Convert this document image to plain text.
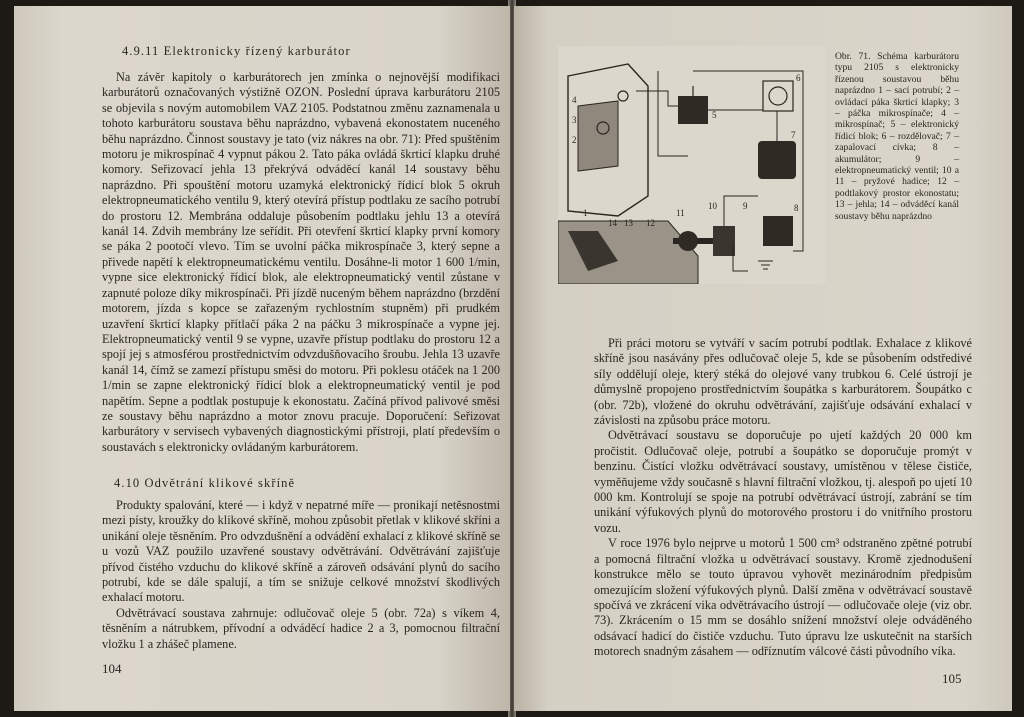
4.9.11 Elektronicky řízený karburátor

Na závěr kapitoly o karburátorech jen zmínka o nejnovější modifikaci karburátorů označovaných výstižně OZON. Poslední úprava karburátoru 2105 se objevila s novým automobilem VAZ 2105. Podstatnou změnu zaznamenala u tohoto karburátoru soustava běhu naprázdno, vybavená ekonostatem nuceného běhu naprázdno. Činnost soustavy je tato (viz nákres na obr. 71): Před spuštěním motoru je mikrospínač 4 vypnut pákou 2. Tato páka ovládá škrticí klapku druhé komory. Seřizovací jehla 13 překrývá odváděcí kanál 14 soustavy běhu naprázdno. Při spouštění motoru uzamyká elektronický řídicí blok 5 okruh elektropneumatického ventilu 9, který otevírá přístup podtlaku ze sacího potrubí do prostoru 12. Membrána oddaluje působením podtlaku jehlu 13 a otevírá kanál 14. Zdvih membrány lze seřídit. Při otevření škrticí klapky první komory se páka 2 pootočí vlevo. Tím se uvolní páčka mikrospínače 3, který sepne a přivede napětí k elektropneumatickému ventilu. Dosáhne-li motor 1 600 1/min, vypne sice elektronický řídicí blok, ale elektropneumatický ventil zůstane v zapnuté poloze díky mikrospínači. Při jízdě nuceným během naprázdno (brzdění motorem, jízda s kopce se zařazeným rychlostním stupněm) při prudkém uzavření škrticí klapky přítlačí páka 2 na páčku 3 mikrospínače a vypne jej. Elektropneumatický ventil 9 se vypne, uzavře přístup podtlaku do prostoru 12 a spojí jej s atmosférou prostřednictvím odvzdušňovacího šroubu. Jehla 13 uzavře kanál 14, čímž se zamezí přístupu směsi do motoru. Při poklesu otáček na 1 200 1/min se zapne elektronický řídicí blok a elektropneumatický ventil je pod napětím. Sepne a podtlak postupuje k ekonostatu. Začíná přívod palivové směsi ze soustavy běhu naprázdno a motor znovu pracuje. Doporučení: Seřizovat karburátory v servisech vybavených diagnostickými přístroji, platí především o soustavách s elektronicky ovládaným karburátorem.

4.10 Odvětrání klikové skříně

Produkty spalování, které — i když v nepatrné míře — pronikají netěsnostmi mezi písty, kroužky do klikové skříně, mohou způsobit přetlak v klikové skříni a unikání oleje těsněním. Pro odvzdušnění a odvádění exhalací z klikové skříně se u vozů VAZ použilo uzavřené soustavy odvětrávání. Odvětrávání zajišťuje přívod čistého vzduchu do klikové skříně a zároveň odsávání plynů do sacího potrubí, kde se dále spalují, a tím se snižuje celkové množství škodlivých exhalací motoru.

Odvětrávací soustava zahrnuje: odlučovač oleje 5 (obr. 72a) s víkem 4, těsněním a nátrubkem, přívodní a odváděcí hadice 2 a 3, pomocnou filtrační vložku 1 a zhášeč plamene.

104
4
3
2
5
6
7
8
9
10
11
12
13
14
1
Obr. 71. Schéma karburátoru typu 2105 s elektronicky řízenou soustavou běhu naprázdno 1 – sací potrubí; 2 – ovládací páka škrticí klapky; 3 – páčka mikrospínače; 4 – mikrospínač; 5 – elektronický řídicí blok; 6 – rozdělovač; 7 – zapalovací cívka; 8 – akumulátor; 9 – elektropneumatický ventil; 10 a 11 – pryžové hadice; 12 – podtlakový prostor ekonostatu; 13 – jehla; 14 – odváděcí kanál soustavy běhu naprázdno

Při práci motoru se vytváří v sacím potrubí podtlak. Exhalace z klikové skříně jsou nasávány přes odlučovač oleje 5, kde se působením odstředivé síly oddělují oleje, který stéká do olejové vany trubkou 6. Celé ústrojí je důmyslně propojeno prostřednictvím šoupátka s karburátorem. Šoupátko c (obr. 72b), vložené do okruhu odvětrávání, zajišťuje odsávání exhalací v závislosti na způsobu práce motoru.

Odvětrávací soustavu se doporučuje po ujetí každých 20 000 km pročistit. Odlučovač oleje, potrubí a šoupátko se doporučuje promýt v benzinu. Čistící vložku odvětrávací soustavy, umístěnou v tělese čističe, vyměňujeme vždy současně s hlavní filtrační vložkou, tj. alespoň po ujetí 10 000 km. Kontrolují se spoje na potrubí odvětrávací ústrojí, zabrání se tím unikání výfukových plynů do motorového prostoru i do vnitřního prostoru vozu.

V roce 1976 bylo nejprve u motorů 1 500 cm³ odstraněno zpětné potrubí a pomocná filtrační vložka u odvětrávací soustavy. Kromě zjednodušení konstrukce mělo se touto úpravou vyhovět mezinárodním předpisům omezujícím složení výfukových plynů. Další změna v odvětrávací soustavě spočívá ve zkrácení vika odvětrávacího ústrojí — odlučovače oleje (viz obr. 73). Zkrácením o 15 mm se dosáhlo snížení množství oleje odváděného odsávací hadicí do čističe vzduchu. Tuto úpravu lze uskutečnit na starších motorech snadným zásahem — odříznutím válcové části původního víka.

105
